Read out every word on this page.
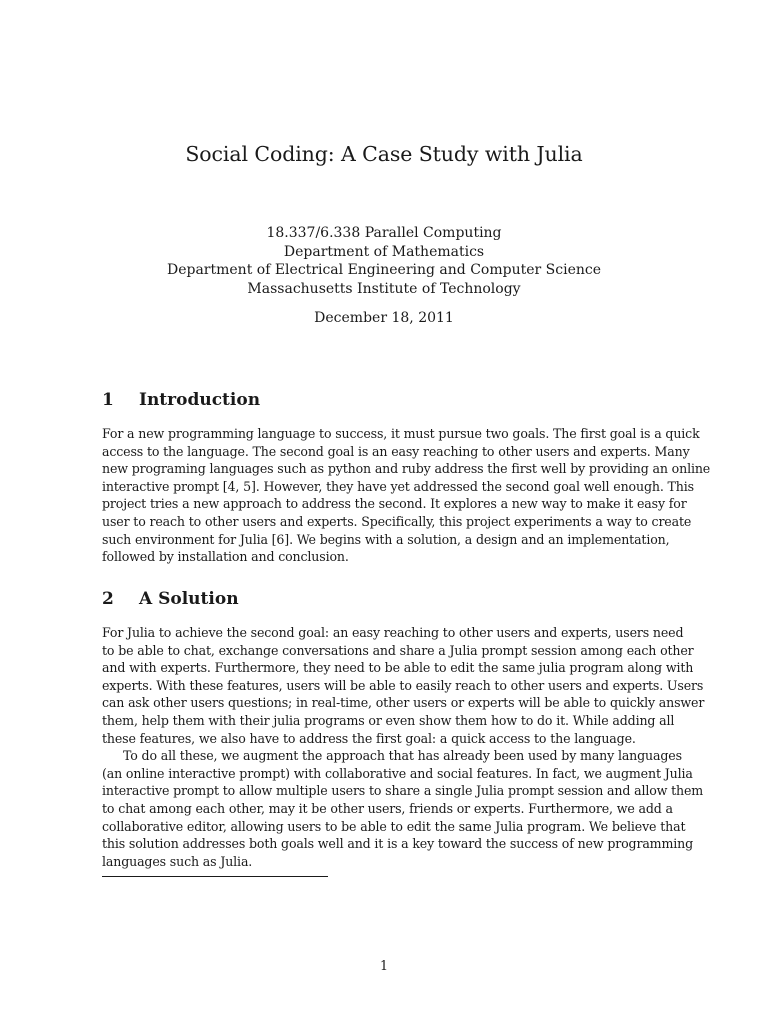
Social Coding: A Case Study with Julia
18.337/6.338 Parallel Computing
Department of Mathematics
Department of Electrical Engineering and Computer Science
Massachusetts Institute of Technology
December 18, 2011
1 Introduction

For a new programming language to success, it must pursue two goals. The first goal is a quick
access to the language. The second goal is an easy reaching to other users and experts. Many
new programing languages such as python and ruby address the first well by providing an online
interactive prompt [4, 5]. However, they have yet addressed the second goal well enough. This
project tries a new approach to address the second. It explores a new way to make it easy for
user to reach to other users and experts. Specifically, this project experiments a way to create
such environment for Julia [6]. We begins with a solution, a design and an implementation,
followed by installation and conclusion.

2 A Solution

For Julia to achieve the second goal: an easy reaching to other users and experts, users need
to be able to chat, exchange conversations and share a Julia prompt session among each other
and with experts. Furthermore, they need to be able to edit the same julia program along with
experts. With these features, users will be able to easily reach to other users and experts. Users
can ask other users questions; in real-time, other users or experts will be able to quickly answer
them, help them with their julia programs or even show them how to do it. While adding all
these features, we also have to address the first goal: a quick access to the language.
To do all these, we augment the approach that has already been used by many languages
(an online interactive prompt) with collaborative and social features. In fact, we augment Julia
interactive prompt to allow multiple users to share a single Julia prompt session and allow them
to chat among each other, may it be other users, friends or experts. Furthermore, we add a
collaborative editor, allowing users to be able to edit the same Julia program. We believe that
this solution addresses both goals well and it is a key toward the success of new programming
languages such as Julia.

1
